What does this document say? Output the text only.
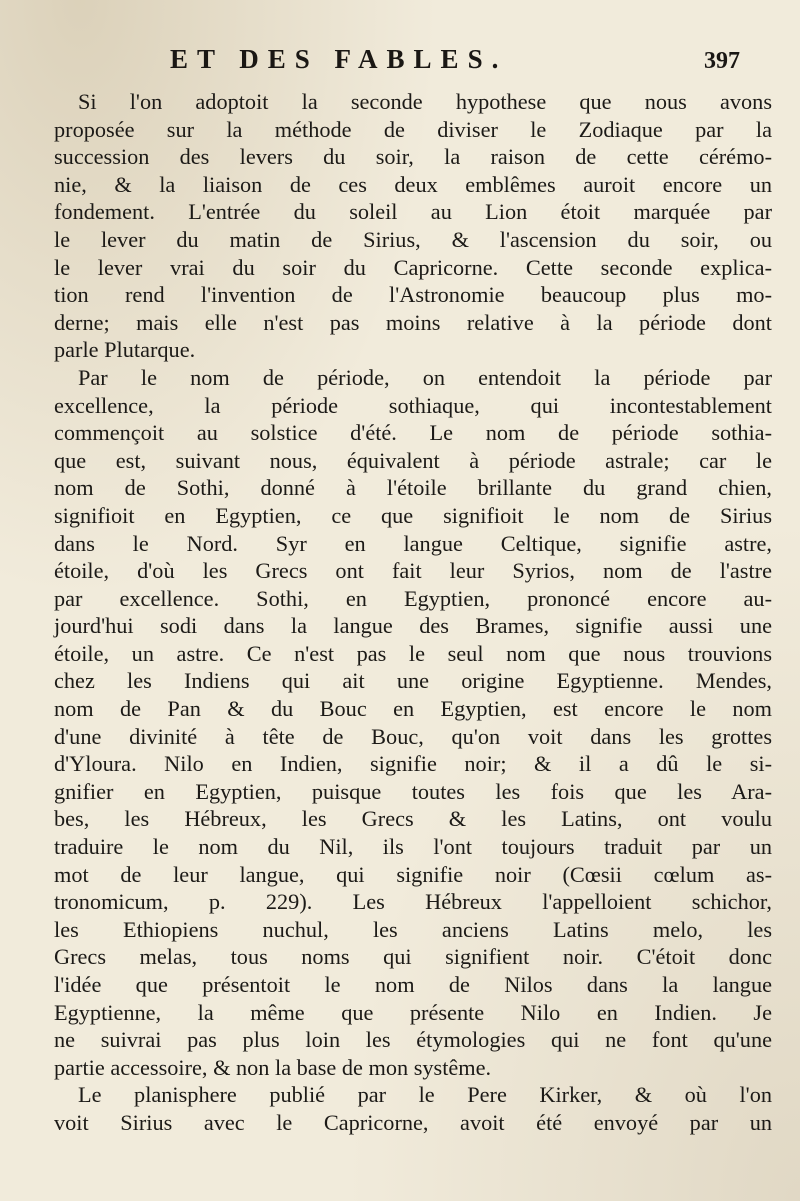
ET DES FABLES.	397
Si l'on adoptoit la seconde hypothese que nous avons
proposée sur la méthode de diviser le Zodiaque par la
succession des levers du soir, la raison de cette cérémo-
nie, & la liaison de ces deux emblêmes auroit encore un
fondement. L'entrée du soleil au Lion étoit marquée par
le lever du matin de Sirius, & l'ascension du soir, ou
le lever vrai du soir du Capricorne. Cette seconde explica-
tion rend l'invention de l'Astronomie beaucoup plus mo-
derne; mais elle n'est pas moins relative à la période dont
parle Plutarque.
Par le nom de période, on entendoit la période par
excellence, la période sothiaque, qui incontestablement
commençoit au solstice d'été. Le nom de période sothia-
que est, suivant nous, équivalent à période astrale; car le
nom de Sothi, donné à l'étoile brillante du grand chien,
signifioit en Egyptien, ce que signifioit le nom de Sirius
dans le Nord. Syr en langue Celtique, signifie astre,
étoile, d'où les Grecs ont fait leur Syrios, nom de l'astre
par excellence. Sothi, en Egyptien, prononcé encore au-
jourd'hui sodi dans la langue des Brames, signifie aussi une
étoile, un astre. Ce n'est pas le seul nom que nous trouvions
chez les Indiens qui ait une origine Egyptienne. Mendes,
nom de Pan & du Bouc en Egyptien, est encore le nom
d'une divinité à tête de Bouc, qu'on voit dans les grottes
d'Yloura. Nilo en Indien, signifie noir; & il a dû le si-
gnifier en Egyptien, puisque toutes les fois que les Ara-
bes, les Hébreux, les Grecs & les Latins, ont voulu
traduire le nom du Nil, ils l'ont toujours traduit par un
mot de leur langue, qui signifie noir (Cœsii cœlum as-
tronomicum, p. 229). Les Hébreux l'appelloient schichor,
les Ethiopiens nuchul, les anciens Latins melo, les
Grecs melas, tous noms qui signifient noir. C'étoit donc
l'idée que présentoit le nom de Nilos dans la langue
Egyptienne, la même que présente Nilo en Indien. Je
ne suivrai pas plus loin les étymologies qui ne font qu'une
partie accessoire, & non la base de mon systême.
Le planisphere publié par le Pere Kirker, & où l'on
voit Sirius avec le Capricorne, avoit été envoyé par un
